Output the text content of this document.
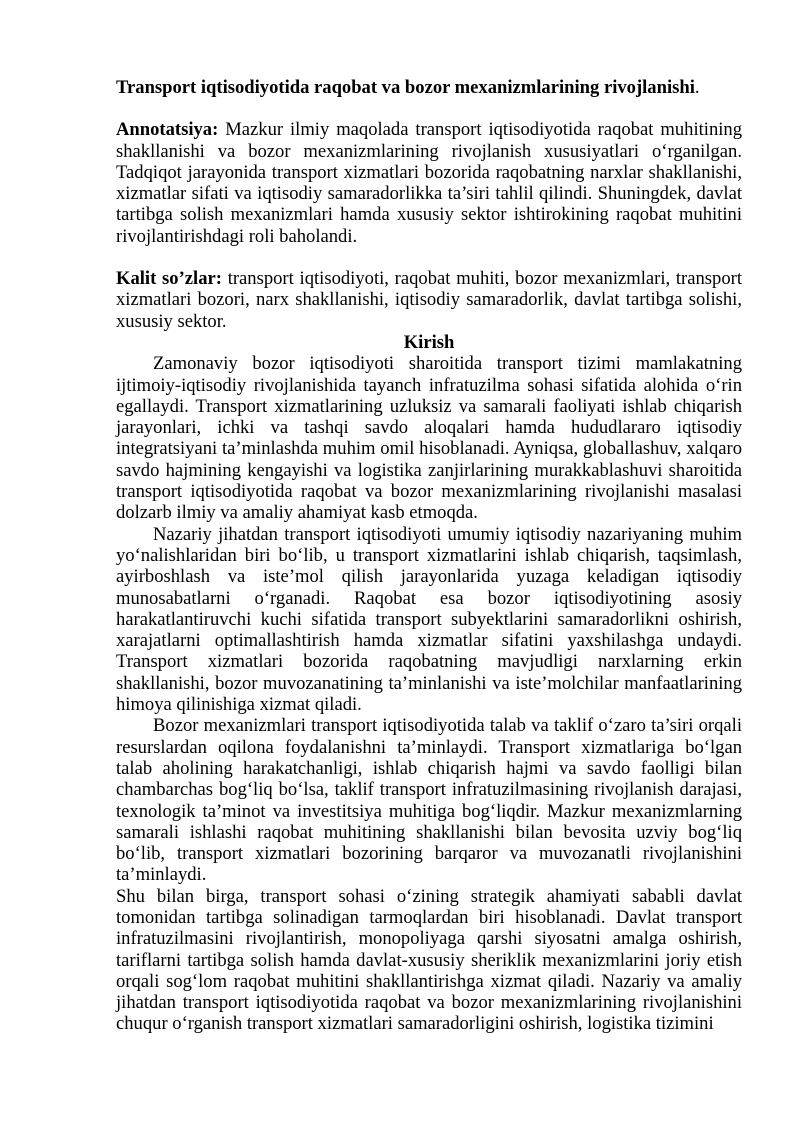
Transport iqtisodiyotida raqobat va bozor mexanizmlarining rivojlanishi.

Annotatsiya: Mazkur ilmiy maqolada transport iqtisodiyotida raqobat muhitining shakllanishi va bozor mexanizmlarining rivojlanish xususiyatlari o‘rganilgan. Tadqiqot jarayonida transport xizmatlari bozorida raqobatning narxlar shakllanishi, xizmatlar sifati va iqtisodiy samaradorlikka ta’siri tahlil qilindi. Shuningdek, davlat tartibga solish mexanizmlari hamda xususiy sektor ishtirokining raqobat muhitini rivojlantirishdagi roli baholandi.

Kalit so’zlar: transport iqtisodiyoti, raqobat muhiti, bozor mexanizmlari, transport xizmatlari bozori, narx shakllanishi, iqtisodiy samaradorlik, davlat tartibga solishi, xususiy sektor.

Kirish

Zamonaviy bozor iqtisodiyoti sharoitida transport tizimi mamlakatning ijtimoiy-iqtisodiy rivojlanishida tayanch infratuzilma sohasi sifatida alohida o‘rin egallaydi. Transport xizmatlarining uzluksiz va samarali faoliyati ishlab chiqarish jarayonlari, ichki va tashqi savdo aloqalari hamda hududlararo iqtisodiy integratsiyani ta’minlashda muhim omil hisoblanadi. Ayniqsa, globallashuv, xalqaro savdo hajmining kengayishi va logistika zanjirlarining murakkablashuvi sharoitida transport iqtisodiyotida raqobat va bozor mexanizmlarining rivojlanishi masalasi dolzarb ilmiy va amaliy ahamiyat kasb etmoqda.

Nazariy jihatdan transport iqtisodiyoti umumiy iqtisodiy nazariyaning muhim yo‘nalishlaridan biri bo‘lib, u transport xizmatlarini ishlab chiqarish, taqsimlash, ayirboshlash va iste’mol qilish jarayonlarida yuzaga keladigan iqtisodiy munosabatlarni o‘rganadi. Raqobat esa bozor iqtisodiyotining asosiy harakatlantiruvchi kuchi sifatida transport subyektlarini samaradorlikni oshirish, xarajatlarni optimallashtirish hamda xizmatlar sifatini yaxshilashga undaydi. Transport xizmatlari bozorida raqobatning mavjudligi narxlarning erkin shakllanishi, bozor muvozanatining ta’minlanishi va iste’molchilar manfaatlarining himoya qilinishiga xizmat qiladi.

Bozor mexanizmlari transport iqtisodiyotida talab va taklif o‘zaro ta’siri orqali resurslardan oqilona foydalanishni ta’minlaydi. Transport xizmatlariga bo‘lgan talab aholining harakatchanligi, ishlab chiqarish hajmi va savdo faolligi bilan chambarchas bog‘liq bo‘lsa, taklif transport infratuzilmasining rivojlanish darajasi, texnologik ta’minot va investitsiya muhitiga bog‘liqdir. Mazkur mexanizmlarning samarali ishlashi raqobat muhitining shakllanishi bilan bevosita uzviy bog‘liq bo‘lib, transport xizmatlari bozorining barqaror va muvozanatli rivojlanishini ta’minlaydi.

Shu bilan birga, transport sohasi o‘zining strategik ahamiyati sababli davlat tomonidan tartibga solinadigan tarmoqlardan biri hisoblanadi. Davlat transport infratuzilmasini rivojlantirish, monopoliyaga qarshi siyosatni amalga oshirish, tariflarni tartibga solish hamda davlat-xususiy sheriklik mexanizmlarini joriy etish orqali sog‘lom raqobat muhitini shakllantirishga xizmat qiladi. Nazariy va amaliy jihatdan transport iqtisodiyotida raqobat va bozor mexanizmlarining rivojlanishini chuqur o‘rganish transport xizmatlari samaradorligini oshirish, logistika tizimini
